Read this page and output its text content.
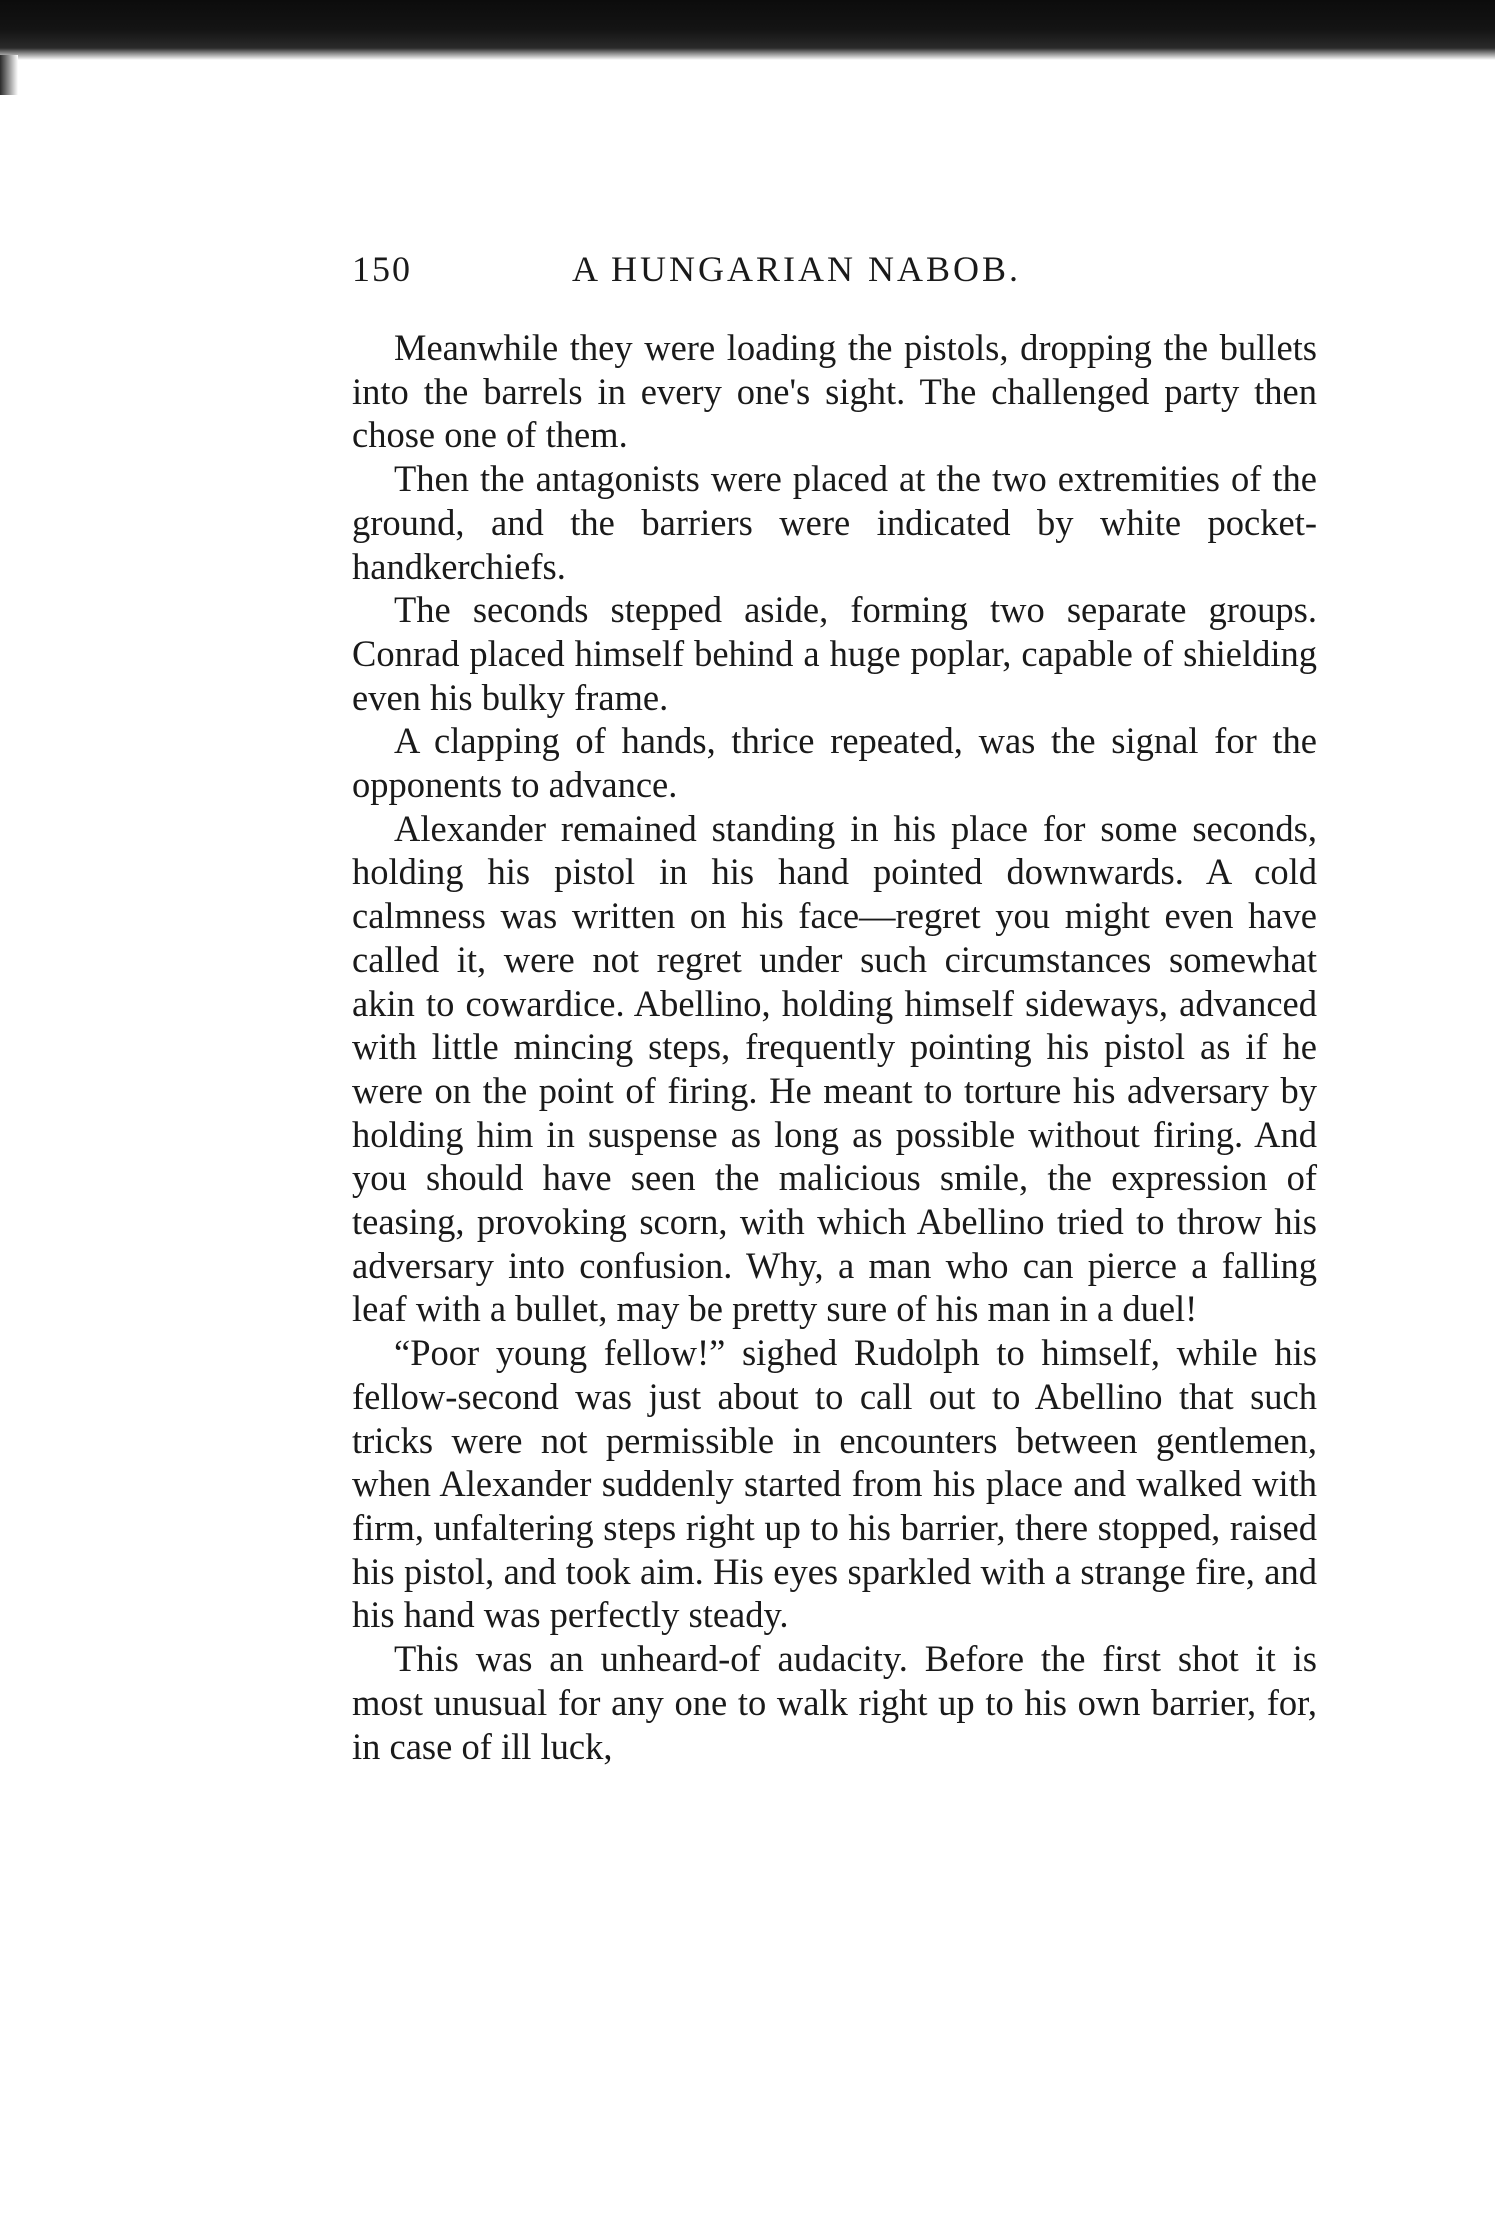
150	A HUNGARIAN NABOB.

Meanwhile they were loading the pistols, dropping the bullets into the barrels in every one's sight. The challenged party then chose one of them.

Then the antagonists were placed at the two extremities of the ground, and the barriers were indicated by white pocket-handkerchiefs.

The seconds stepped aside, forming two separate groups. Conrad placed himself behind a huge poplar, capable of shielding even his bulky frame.

A clapping of hands, thrice repeated, was the signal for the opponents to advance.

Alexander remained standing in his place for some seconds, holding his pistol in his hand pointed downwards. A cold calmness was written on his face—regret you might even have called it, were not regret under such circumstances somewhat akin to cowardice. Abellino, holding himself sideways, advanced with little mincing steps, frequently pointing his pistol as if he were on the point of firing. He meant to torture his adversary by holding him in suspense as long as possible without firing. And you should have seen the malicious smile, the expression of teasing, provoking scorn, with which Abellino tried to throw his adversary into confusion. Why, a man who can pierce a falling leaf with a bullet, may be pretty sure of his man in a duel!

“Poor young fellow!” sighed Rudolph to himself, while his fellow-second was just about to call out to Abellino that such tricks were not permissible in encounters between gentlemen, when Alexander suddenly started from his place and walked with firm, unfaltering steps right up to his barrier, there stopped, raised his pistol, and took aim. His eyes sparkled with a strange fire, and his hand was perfectly steady.

This was an unheard-of audacity. Before the first shot it is most unusual for any one to walk right up to his own barrier, for, in case of ill luck,
